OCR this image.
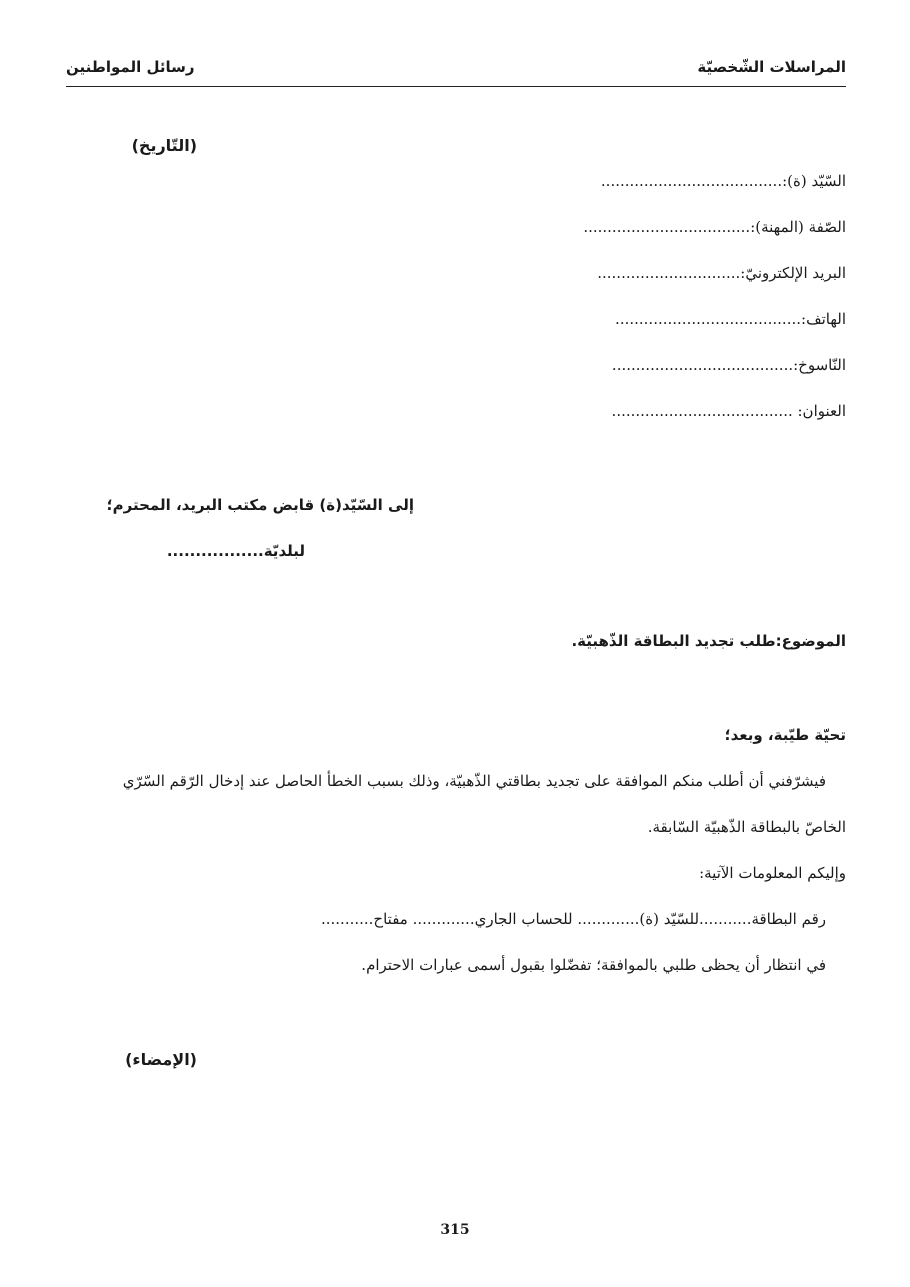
المراسلات الشّخصيّة
رسائل المواطنين
(التّاريخ)
السّيّد (ة):......................................
الصّفة (المهنة):...................................
البريد الإلكترونيّ:..............................
الهاتف:.......................................
النّاسوخ:......................................
العنوان: ......................................
إلى السّيّد(ة) قابض مكتب البريد، المحترم؛
لبلديّة.................
الموضوع:طلب تجديد البطاقة الذّهبيّة.
تحيّة طيّبة، وبعد؛
فيشرّفني أن أطلب منكم الموافقة على تجديد بطاقتي الذّهبيّة، وذلك بسبب الخطأ الحاصل عند إدخال الرّقم السّرّي
الخاصّ بالبطاقة الذّهبيّة السّابقة.
وإليكم المعلومات الآتية:
رقم البطاقة...........للسّيّد (ة)............. للحساب الجاري............. مفتاح...........
في انتظار أن يحظى طلبي بالموافقة؛ تفضّلوا بقبول أسمى عبارات الاحترام.
(الإمضاء)
315
